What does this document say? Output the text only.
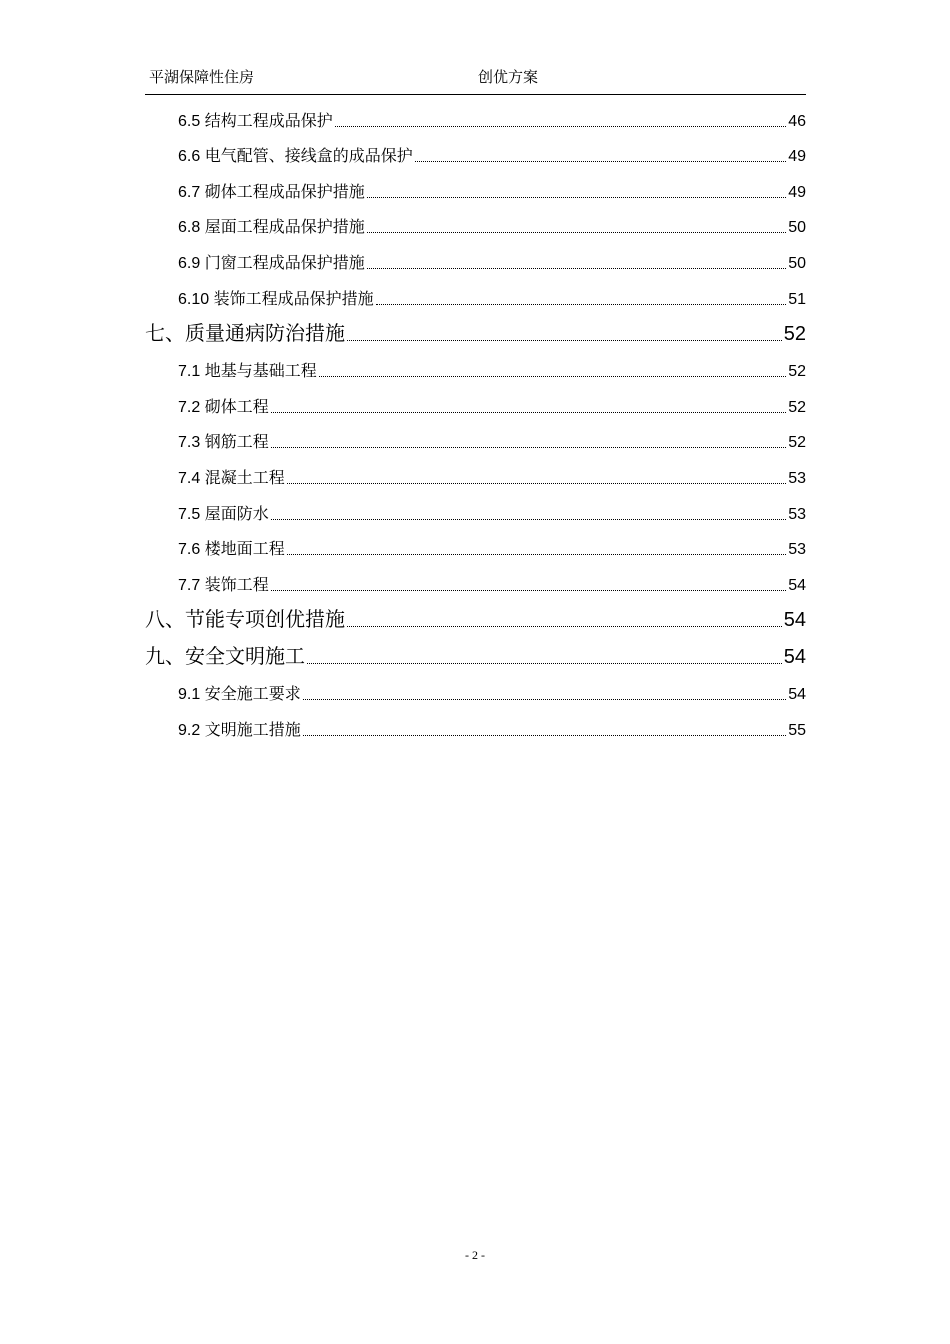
平湖保障性住房	创优方案
6.5 结构工程成品保护	46
6.6 电气配管、接线盒的成品保护	49
6.7 砌体工程成品保护措施	49
6.8 屋面工程成品保护措施	50
6.9 门窗工程成品保护措施	50
6.10 装饰工程成品保护措施	51
七、质量通病防治措施	52
7.1 地基与基础工程	52
7.2 砌体工程	52
7.3 钢筋工程	52
7.4 混凝土工程	53
7.5 屋面防水	53
7.6 楼地面工程	53
7.7 装饰工程	54
八、节能专项创优措施	54
九、安全文明施工	54
9.1 安全施工要求	54
9.2 文明施工措施	55
- 2 -
